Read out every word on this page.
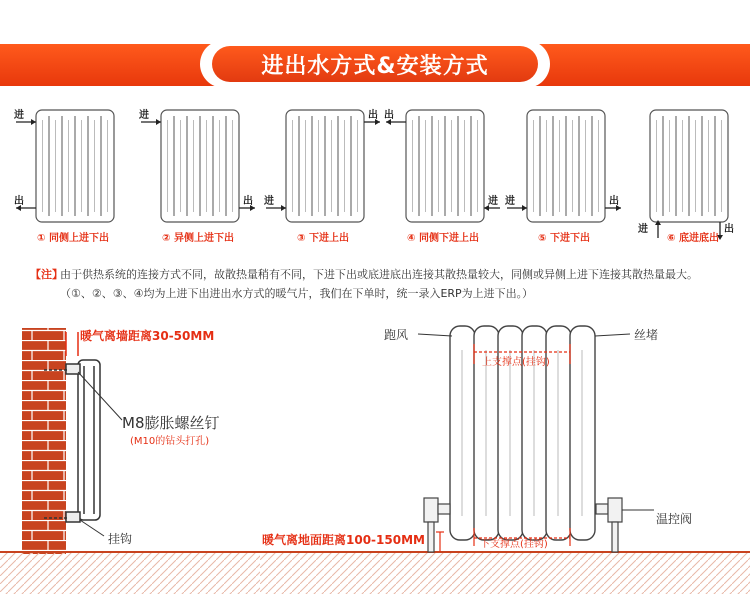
进出水方式&安装方式
进
出
① 同侧上进下出
进
出
② 异侧上进下出
进
出
③ 下进上出
进
出
④ 同侧下进上出
进	出
⑤ 下进下出
进	出
⑥ 底进底出
【注】
由于供热系统的连接方式不同，故散热量稍有不同，下进下出或底进底出连接其散热量较大，同侧或异侧上进下连接其散热量最大。（①、②、③、④均为上进下出进出水方式的暖气片，我们在下单时，统一录入ERP为上进下出。）
暖气离墙距离30-50MM
M8膨胀螺丝钉
(M10的钻头打孔)
挂钩
跑风	丝堵
上支撑点(挂钩)
下支撑点(挂钩)
暖气离地面距离100-150MM
温控阀
